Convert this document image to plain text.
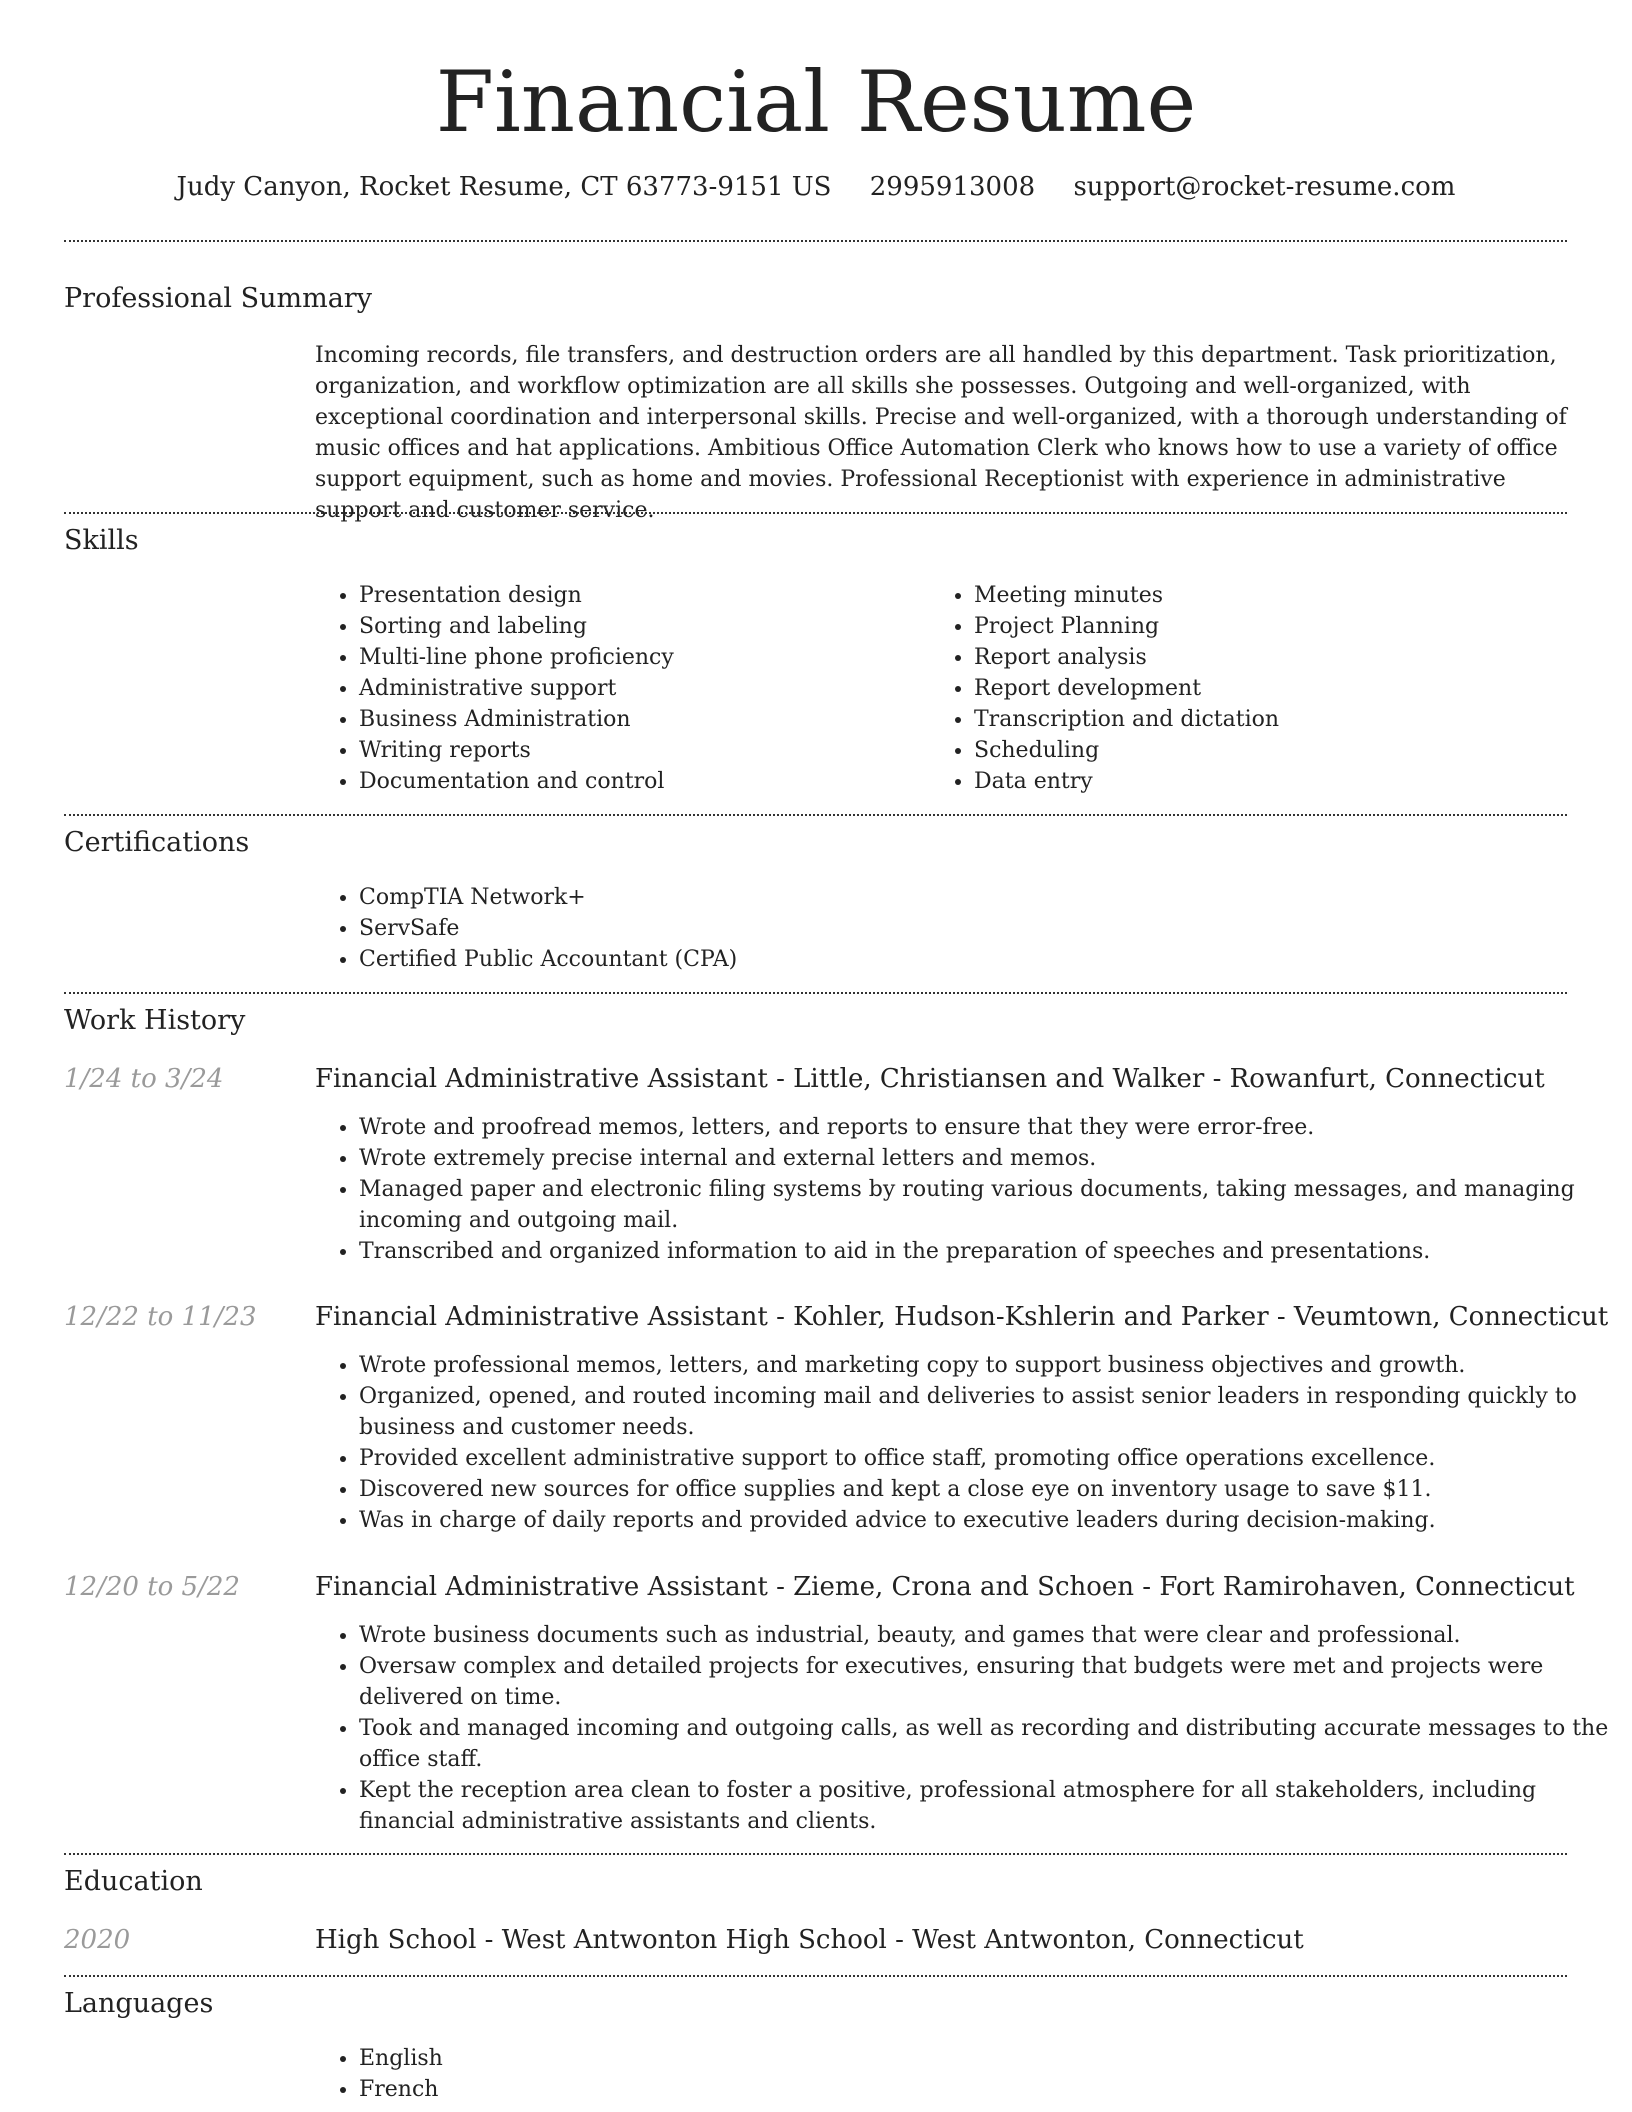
Financial Resume
Judy Canyon, Rocket Resume, CT 63773-9151 US 2995913008 support@rocket-resume.com
Professional Summary
Incoming records, file transfers, and destruction orders are all handled by this department. Task prioritization, organization, and workflow optimization are all skills she possesses. Outgoing and well-organized, with exceptional coordination and interpersonal skills. Precise and well-organized, with a thorough understanding of music offices and hat applications. Ambitious Office Automation Clerk who knows how to use a variety of office support equipment, such as home and movies. Professional Receptionist with experience in administrative support and customer service.
Skills
• Presentation design
• Sorting and labeling
• Multi-line phone proficiency
• Administrative support
• Business Administration
• Writing reports
• Documentation and control
• Meeting minutes
• Project Planning
• Report analysis
• Report development
• Transcription and dictation
• Scheduling
• Data entry
Certifications
• CompTIA Network+
• ServSafe
• Certified Public Accountant (CPA)
Work History
1/24 to 3/24	Financial Administrative Assistant - Little, Christiansen and Walker - Rowanfurt, Connecticut
• Wrote and proofread memos, letters, and reports to ensure that they were error-free.
• Wrote extremely precise internal and external letters and memos.
• Managed paper and electronic filing systems by routing various documents, taking messages, and managing incoming and outgoing mail.
• Transcribed and organized information to aid in the preparation of speeches and presentations.
12/22 to 11/23 Financial Administrative Assistant - Kohler, Hudson-Kshlerin and Parker - Veumtown, Connecticut
• Wrote professional memos, letters, and marketing copy to support business objectives and growth.
• Organized, opened, and routed incoming mail and deliveries to assist senior leaders in responding quickly to business and customer needs.
• Provided excellent administrative support to office staff, promoting office operations excellence.
• Discovered new sources for office supplies and kept a close eye on inventory usage to save $11.
• Was in charge of daily reports and provided advice to executive leaders during decision-making.
12/20 to 5/22	Financial Administrative Assistant - Zieme, Crona and Schoen - Fort Ramirohaven, Connecticut
• Wrote business documents such as industrial, beauty, and games that were clear and professional.
• Oversaw complex and detailed projects for executives, ensuring that budgets were met and projects were delivered on time.
• Took and managed incoming and outgoing calls, as well as recording and distributing accurate messages to the office staff.
• Kept the reception area clean to foster a positive, professional atmosphere for all stakeholders, including financial administrative assistants and clients.
Education
2020	High School - West Antwonton High School - West Antwonton, Connecticut
Languages
• English
• French
